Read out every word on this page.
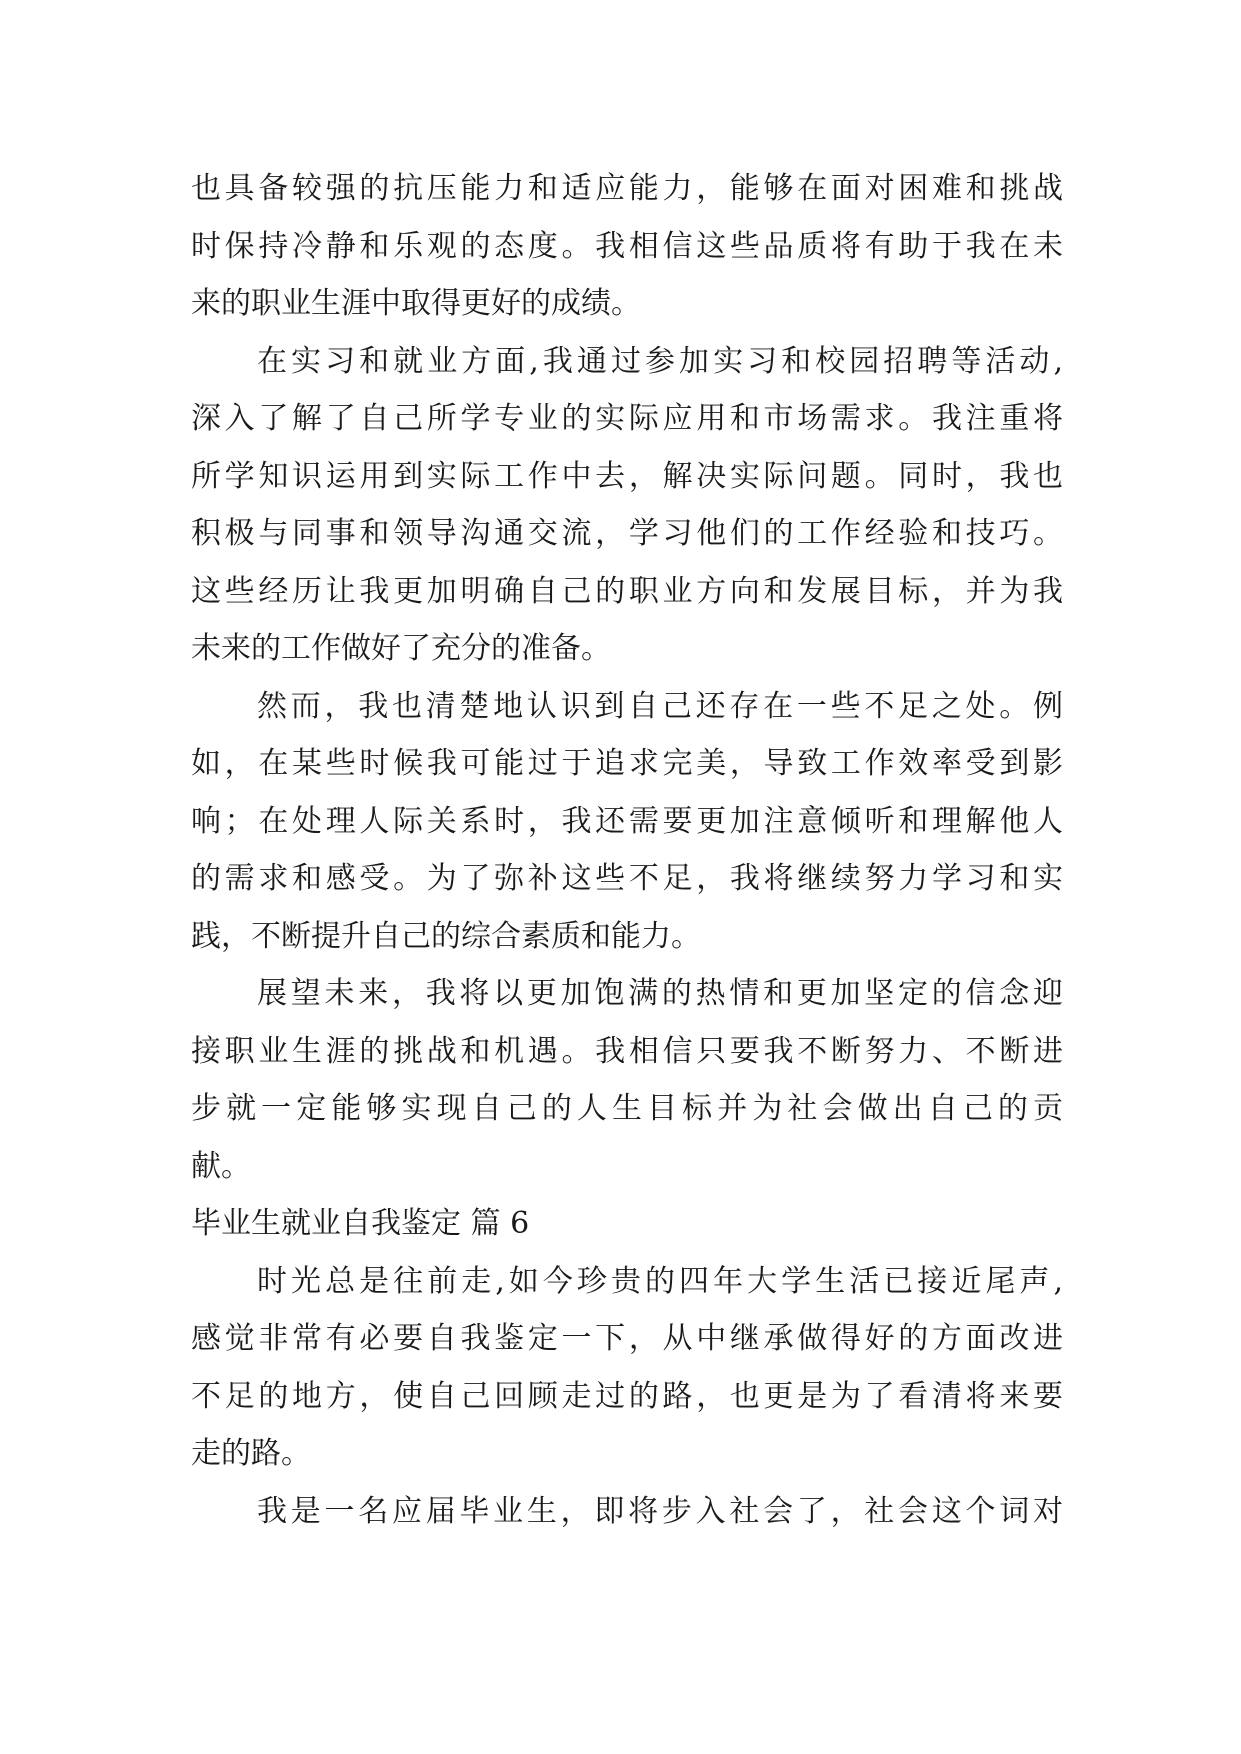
也具备较强的抗压能力和适应能力，能够在面对困难和挑战
时保持冷静和乐观的态度。我相信这些品质将有助于我在未
来的职业生涯中取得更好的成绩。
在实习和就业方面,我通过参加实习和校园招聘等活动,
深入了解了自己所学专业的实际应用和市场需求。我注重将
所学知识运用到实际工作中去，解决实际问题。同时，我也
积极与同事和领导沟通交流，学习他们的工作经验和技巧。
这些经历让我更加明确自己的职业方向和发展目标，并为我
未来的工作做好了充分的准备。
然而，我也清楚地认识到自己还存在一些不足之处。例
如，在某些时候我可能过于追求完美，导致工作效率受到影
响；在处理人际关系时，我还需要更加注意倾听和理解他人
的需求和感受。为了弥补这些不足，我将继续努力学习和实
践，不断提升自己的综合素质和能力。
展望未来，我将以更加饱满的热情和更加坚定的信念迎
接职业生涯的挑战和机遇。我相信只要我不断努力、不断进
步就一定能够实现自己的人生目标并为社会做出自己的贡
献。
毕业生就业自我鉴定 篇 6
时光总是往前走,如今珍贵的四年大学生活已接近尾声,
感觉非常有必要自我鉴定一下，从中继承做得好的方面改进
不足的地方，使自己回顾走过的路，也更是为了看清将来要
走的路。
我是一名应届毕业生，即将步入社会了，社会这个词对
